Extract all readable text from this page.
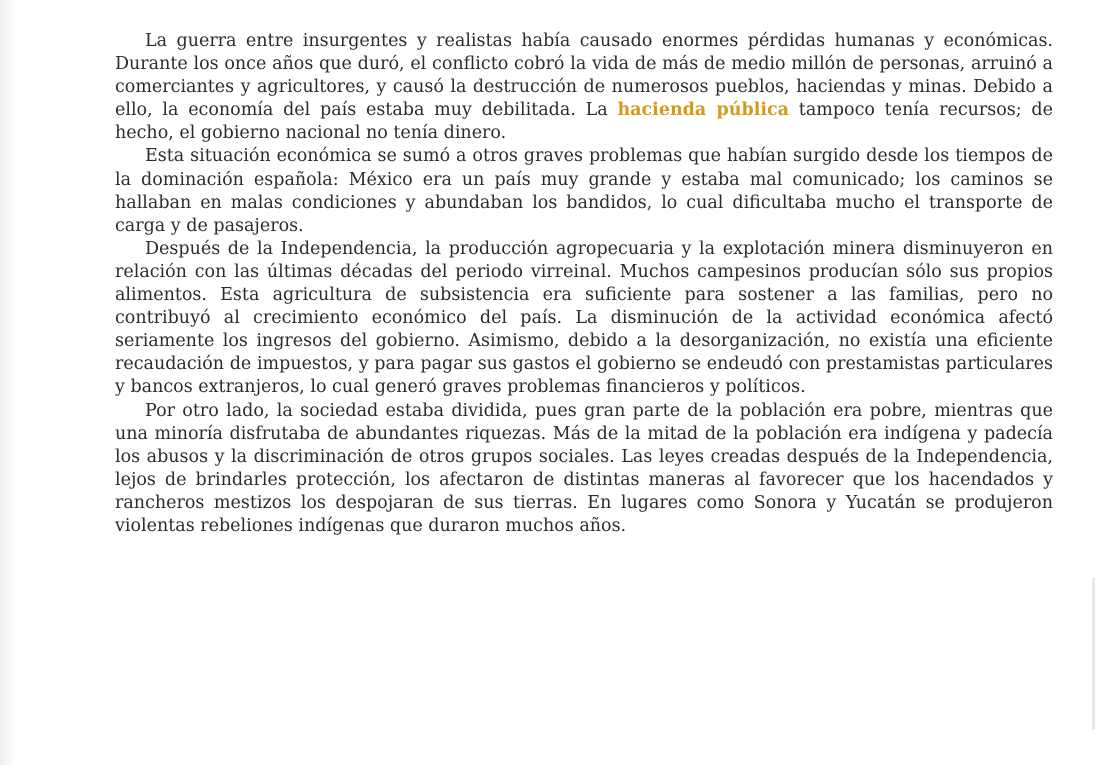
La guerra entre insurgentes y realistas había causado enormes pérdidas humanas y económicas. Durante los once años que duró, el conflicto cobró la vida de más de medio millón de personas, arruinó a comerciantes y agricultores, y causó la destrucción de numerosos pueblos, haciendas y minas. Debido a ello, la economía del país estaba muy debilitada. La hacienda pública tampoco tenía recursos; de hecho, el gobierno nacional no tenía dinero.

Esta situación económica se sumó a otros graves problemas que habían surgido desde los tiempos de la dominación española: México era un país muy grande y estaba mal comunicado; los caminos se hallaban en malas condiciones y abundaban los bandidos, lo cual dificultaba mucho el transporte de carga y de pasajeros.

Después de la Independencia, la producción agropecuaria y la explotación minera disminuyeron en relación con las últimas décadas del periodo virreinal. Muchos campesinos producían sólo sus propios alimentos. Esta agricultura de subsistencia era suficiente para sostener a las familias, pero no contribuyó al crecimiento económico del país. La disminución de la actividad económica afectó seriamente los ingresos del gobierno. Asimismo, debido a la desorganización, no existía una eficiente recaudación de impuestos, y para pagar sus gastos el gobierno se endeudó con prestamistas particulares y bancos extranjeros, lo cual generó graves problemas financieros y políticos.

Por otro lado, la sociedad estaba dividida, pues gran parte de la población era pobre, mientras que una minoría disfrutaba de abundantes riquezas. Más de la mitad de la población era indígena y padecía los abusos y la discriminación de otros grupos sociales. Las leyes creadas después de la Independencia, lejos de brindarles protección, los afectaron de distintas maneras al favorecer que los hacendados y rancheros mestizos los despojaran de sus tierras. En lugares como Sonora y Yucatán se produjeron violentas rebeliones indígenas que duraron muchos años.
